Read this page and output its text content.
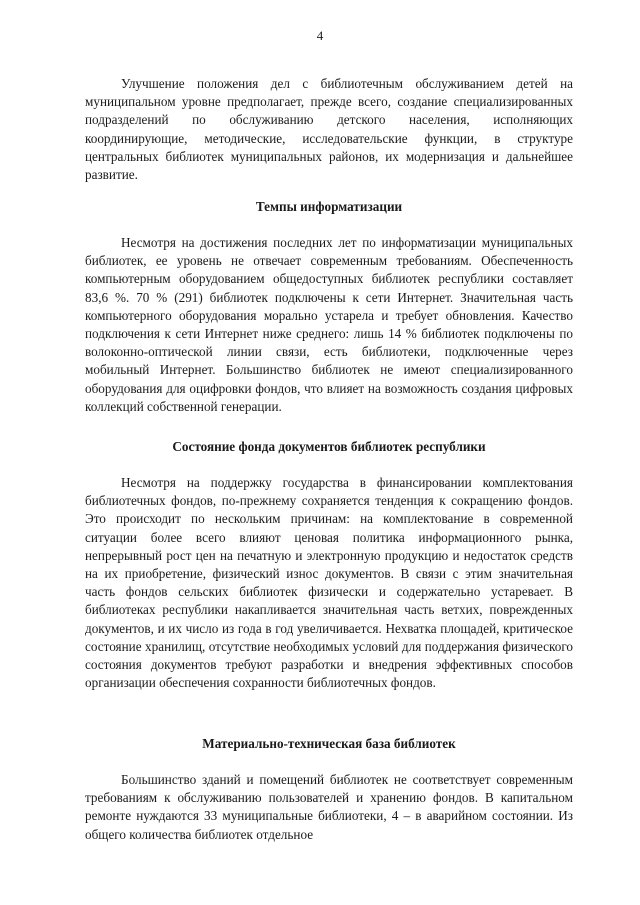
4

Улучшение положения дел с библиотечным обслуживанием детей на муниципальном уровне предполагает, прежде всего, создание специализированных подразделений по обслуживанию детского населения, исполняющих координирующие, методические, исследовательские функции, в структуре центральных библиотек муниципальных районов, их модернизация и дальнейшее развитие.

Темпы информатизации

Несмотря на достижения последних лет по информатизации муниципальных библиотек, ее уровень не отвечает современным требованиям. Обеспеченность компьютерным оборудованием общедоступных библиотек республики составляет 83,6 %. 70 % (291) библиотек подключены к сети Интернет. Значительная часть компьютерного оборудования морально устарела и требует обновления. Качество подключения к сети Интернет ниже среднего: лишь 14 % библиотек подключены по волоконно-оптической линии связи, есть библиотеки, подключенные через мобильный Интернет. Большинство библиотек не имеют специализированного оборудования для оцифровки фондов, что влияет на возможность создания цифровых коллекций собственной генерации.

Состояние фонда документов библиотек республики

Несмотря на поддержку государства в финансировании комплектования библиотечных фондов, по-прежнему сохраняется тенденция к сокращению фондов. Это происходит по нескольким причинам: на комплектование в современной ситуации более всего влияют ценовая политика информационного рынка, непрерывный рост цен на печатную и электронную продукцию и недостаток средств на их приобретение, физический износ документов. В связи с этим значительная часть фондов сельских библиотек физически и содержательно устаревает. В библиотеках республики накапливается значительная часть ветхих, поврежденных документов, и их число из года в год увеличивается. Нехватка площадей, критическое состояние хранилищ, отсутствие необходимых условий для поддержания физического состояния документов требуют разработки и внедрения эффективных способов организации обеспечения сохранности библиотечных фондов.

Материально-техническая база библиотек

Большинство зданий и помещений библиотек не соответствует современным требованиям к обслуживанию пользователей и хранению фондов. В капитальном ремонте нуждаются 33 муниципальные библиотеки, 4 – в аварийном состоянии. Из общего количества библиотек отдельное
